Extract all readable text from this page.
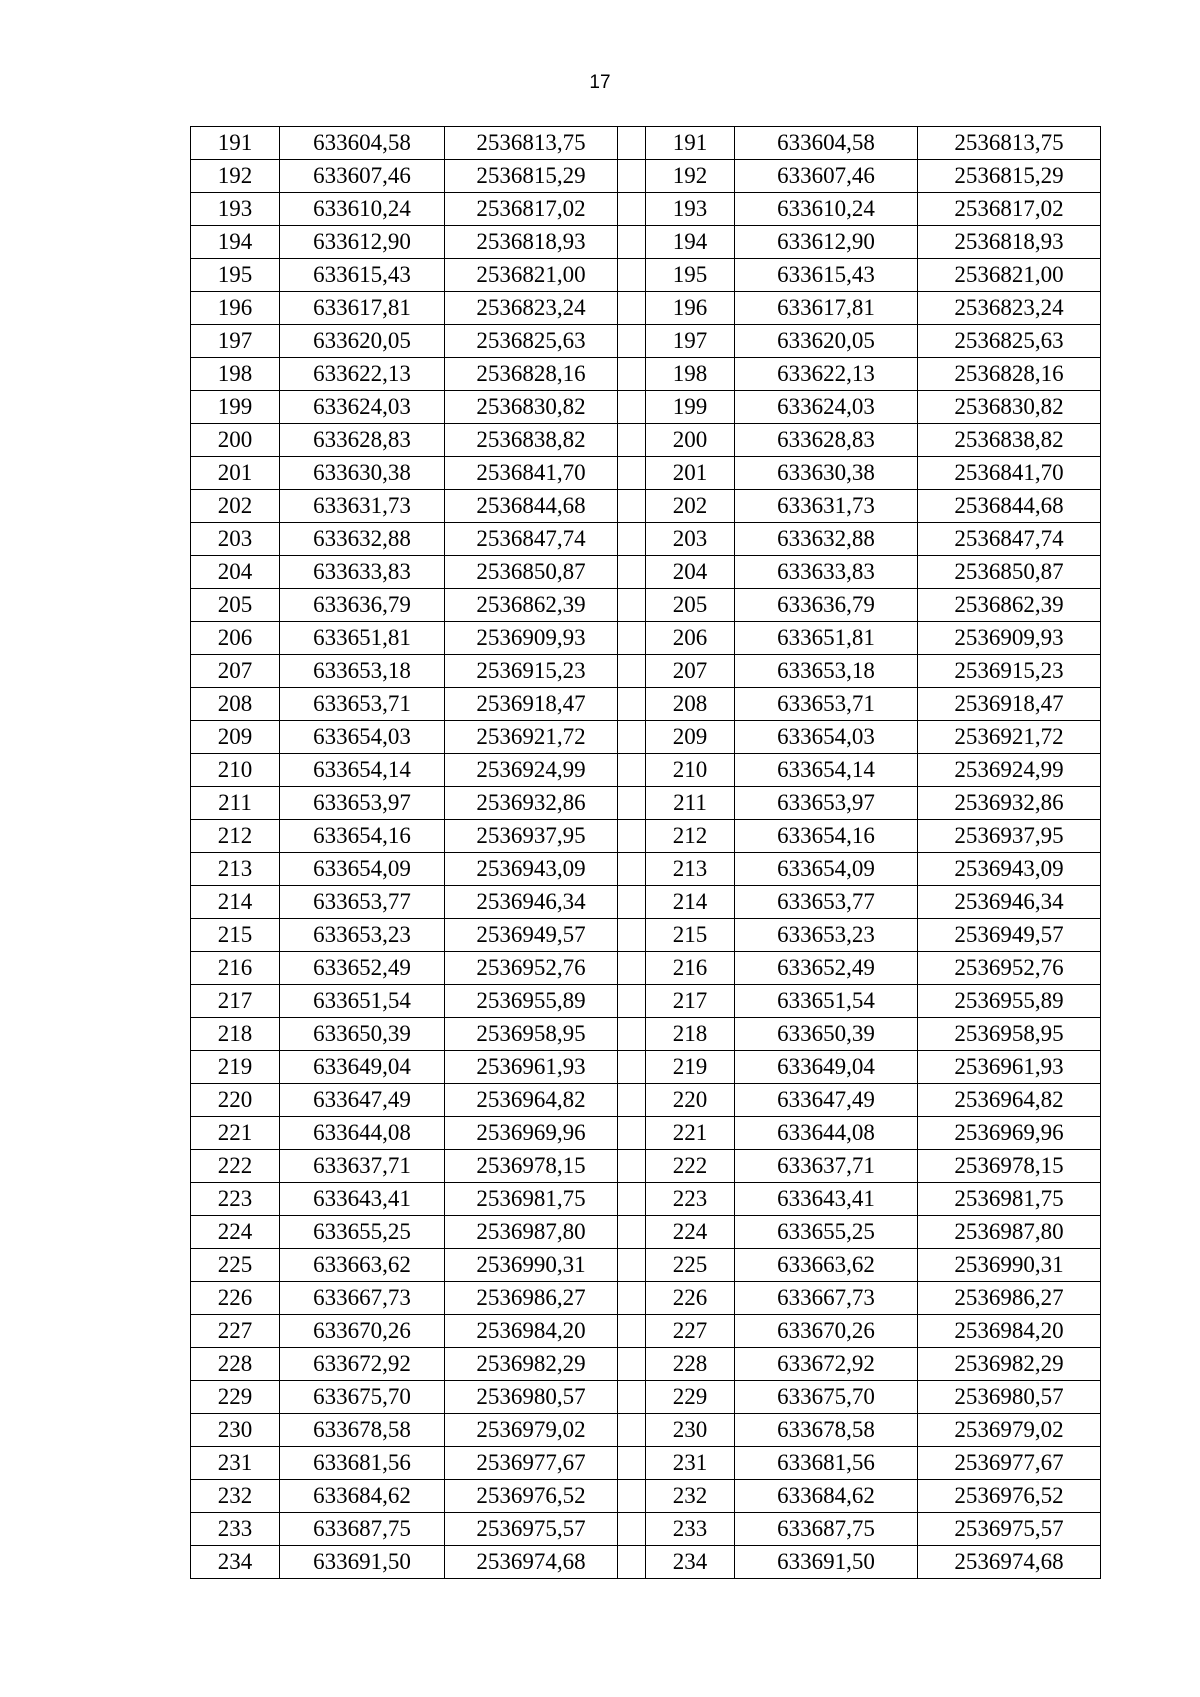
17
191	633604,58	2536813,75		191	633604,58	2536813,75
192	633607,46	2536815,29		192	633607,46	2536815,29
193	633610,24	2536817,02		193	633610,24	2536817,02
194	633612,90	2536818,93		194	633612,90	2536818,93
195	633615,43	2536821,00		195	633615,43	2536821,00
196	633617,81	2536823,24		196	633617,81	2536823,24
197	633620,05	2536825,63		197	633620,05	2536825,63
198	633622,13	2536828,16		198	633622,13	2536828,16
199	633624,03	2536830,82		199	633624,03	2536830,82
200	633628,83	2536838,82		200	633628,83	2536838,82
201	633630,38	2536841,70		201	633630,38	2536841,70
202	633631,73	2536844,68		202	633631,73	2536844,68
203	633632,88	2536847,74		203	633632,88	2536847,74
204	633633,83	2536850,87		204	633633,83	2536850,87
205	633636,79	2536862,39		205	633636,79	2536862,39
206	633651,81	2536909,93		206	633651,81	2536909,93
207	633653,18	2536915,23		207	633653,18	2536915,23
208	633653,71	2536918,47		208	633653,71	2536918,47
209	633654,03	2536921,72		209	633654,03	2536921,72
210	633654,14	2536924,99		210	633654,14	2536924,99
211	633653,97	2536932,86		211	633653,97	2536932,86
212	633654,16	2536937,95		212	633654,16	2536937,95
213	633654,09	2536943,09		213	633654,09	2536943,09
214	633653,77	2536946,34		214	633653,77	2536946,34
215	633653,23	2536949,57		215	633653,23	2536949,57
216	633652,49	2536952,76		216	633652,49	2536952,76
217	633651,54	2536955,89		217	633651,54	2536955,89
218	633650,39	2536958,95		218	633650,39	2536958,95
219	633649,04	2536961,93		219	633649,04	2536961,93
220	633647,49	2536964,82		220	633647,49	2536964,82
221	633644,08	2536969,96		221	633644,08	2536969,96
222	633637,71	2536978,15		222	633637,71	2536978,15
223	633643,41	2536981,75		223	633643,41	2536981,75
224	633655,25	2536987,80		224	633655,25	2536987,80
225	633663,62	2536990,31		225	633663,62	2536990,31
226	633667,73	2536986,27		226	633667,73	2536986,27
227	633670,26	2536984,20		227	633670,26	2536984,20
228	633672,92	2536982,29		228	633672,92	2536982,29
229	633675,70	2536980,57		229	633675,70	2536980,57
230	633678,58	2536979,02		230	633678,58	2536979,02
231	633681,56	2536977,67		231	633681,56	2536977,67
232	633684,62	2536976,52		232	633684,62	2536976,52
233	633687,75	2536975,57		233	633687,75	2536975,57
234	633691,50	2536974,68		234	633691,50	2536974,68
